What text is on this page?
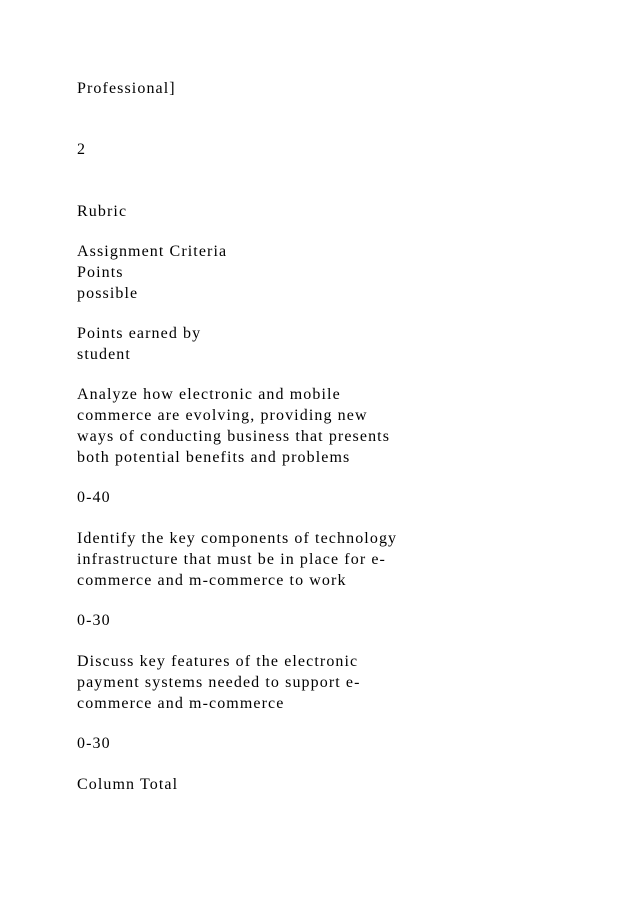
Professional]

2

Rubric

Assignment Criteria

Points

possible

Points earned by

student

Analyze how electronic and mobile

commerce are evolving, providing new

ways of conducting business that presents

both potential benefits and problems

0-40

Identify the key components of technology

infrastructure that must be in place for e-

commerce and m-commerce to work

0-30

Discuss key features of the electronic

payment systems needed to support e-

commerce and m-commerce

0-30

Column Total
